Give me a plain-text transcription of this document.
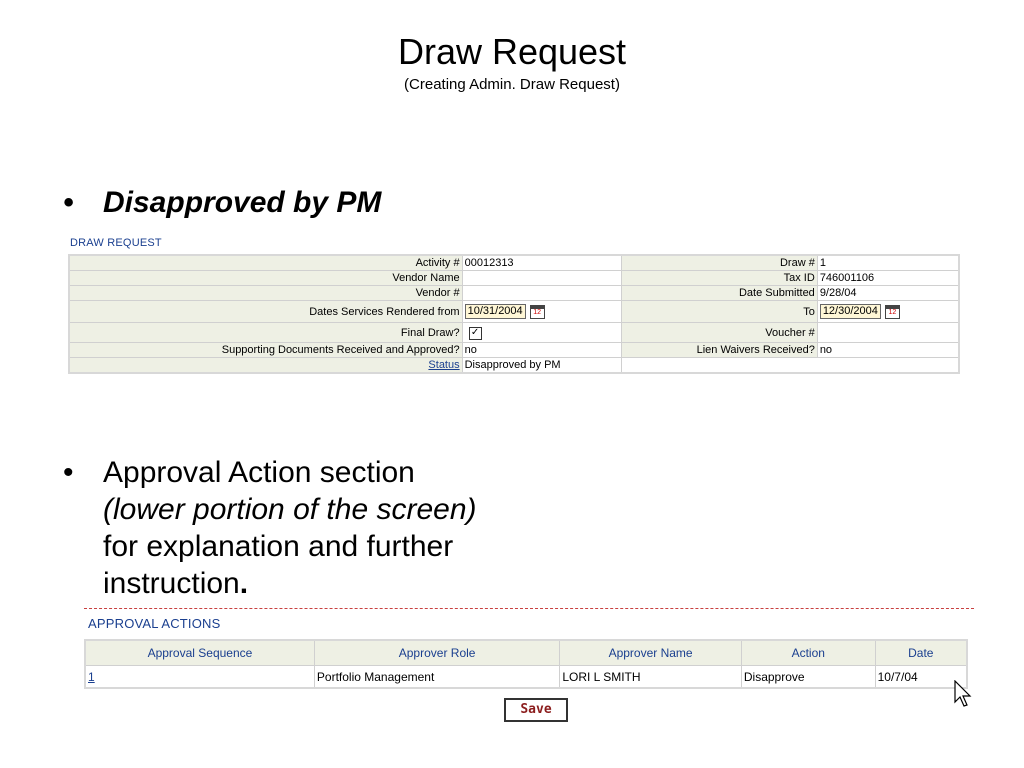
Draw Request
(Creating Admin. Draw Request)
• Disapproved by PM
DRAW REQUEST
Activity #	00012313	Draw #	1
Vendor Name		Tax ID	746001106
Vendor #		Date Submitted	9/28/04
Dates Services Rendered from	10/31/2004 12	To	12/30/2004 12
Final Draw?	✓	Voucher #	
Supporting Documents Received and Approved?	no	Lien Waivers Received?	no
Status	Disapproved by PM		
• Approval Action section (lower portion of the screen) for explanation and further instruction.
APPROVAL ACTIONS
Approval Sequence	Approver Role	Approver Name	Action	Date
1	Portfolio Management	LORI L SMITH	Disapprove	10/7/04
Save
